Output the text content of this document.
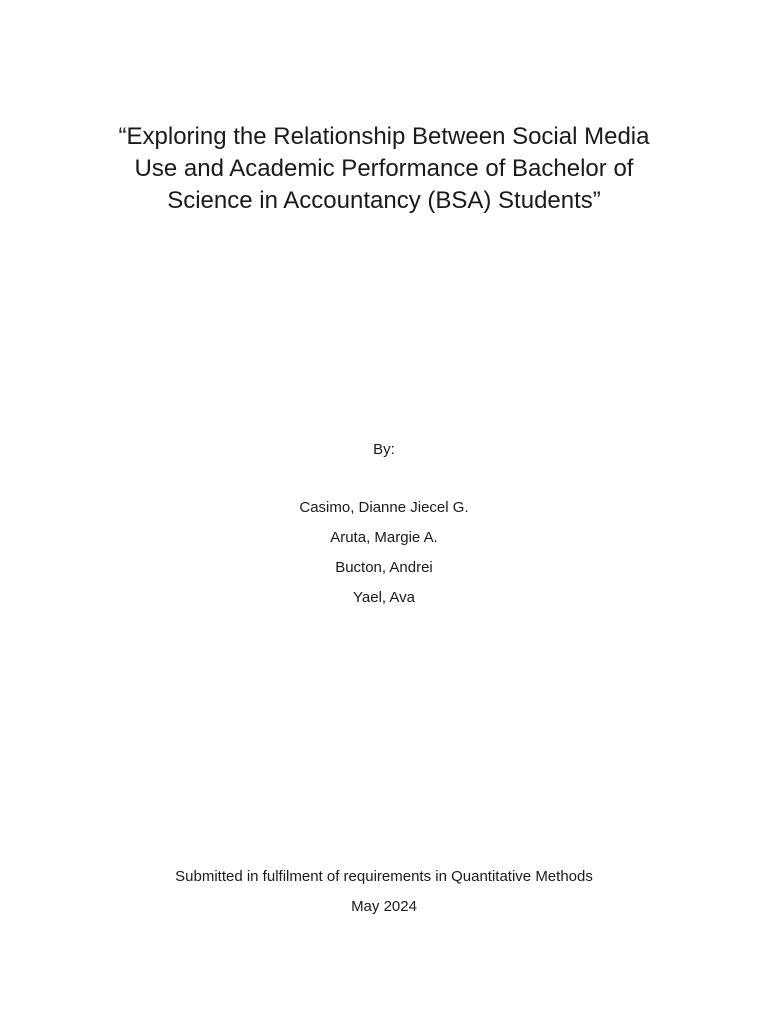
“Exploring the Relationship Between Social Media
Use and Academic Performance of Bachelor of
Science in Accountancy (BSA) Students”
By:
Casimo, Dianne Jiecel G.
Aruta, Margie A.
Bucton, Andrei
Yael, Ava
Submitted in fulfilment of requirements in Quantitative Methods
May 2024
